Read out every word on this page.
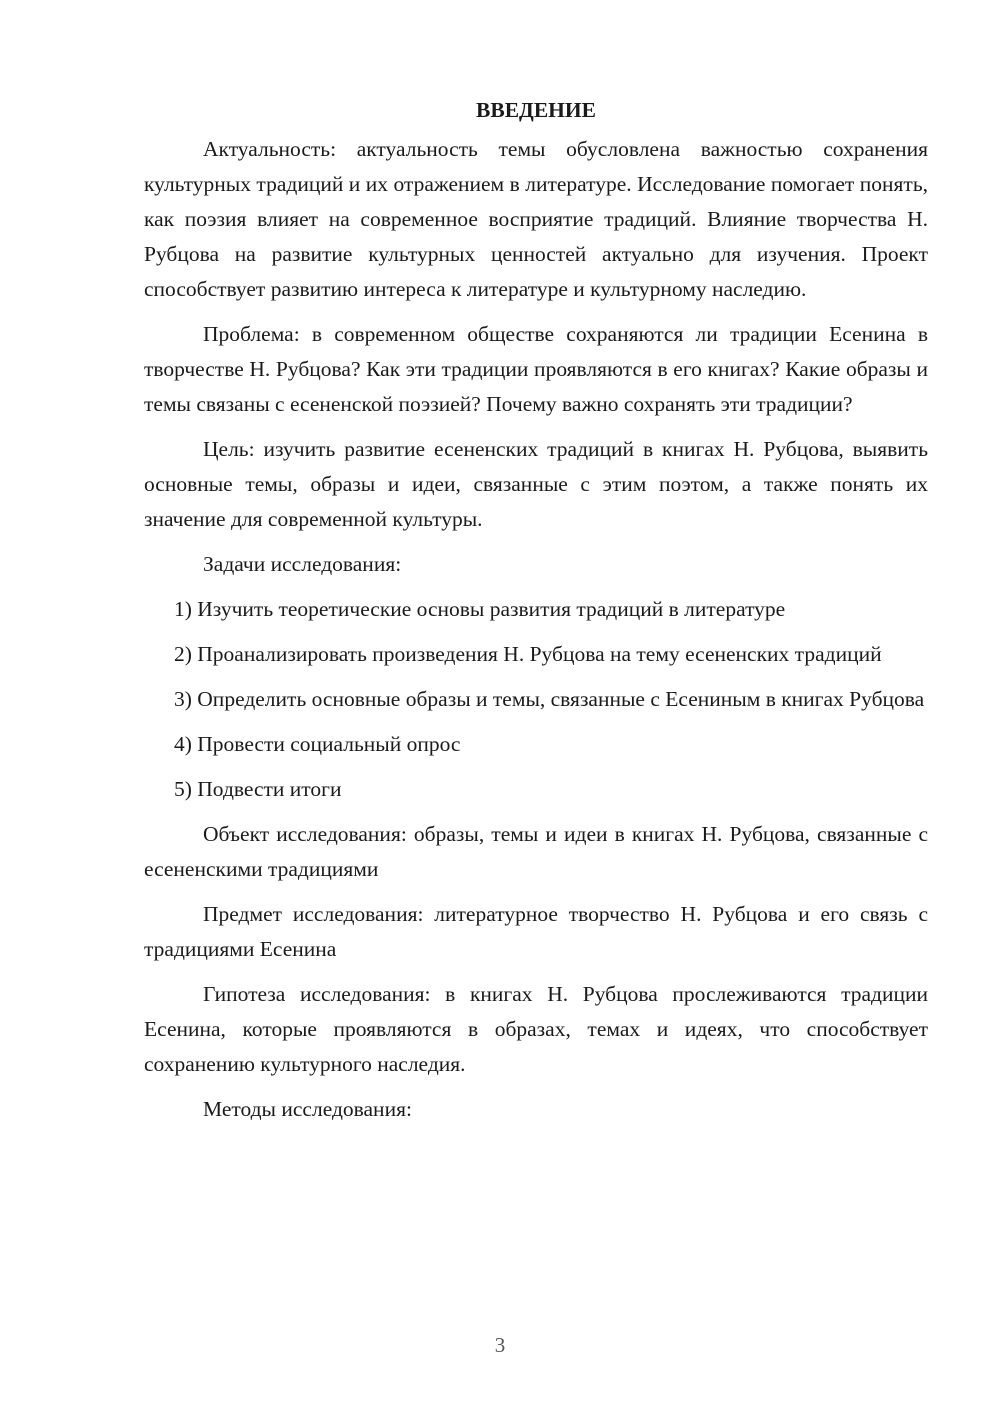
ВВЕДЕНИЕ

Актуальность: актуальность темы обусловлена важностью сохранения культурных традиций и их отражением в литературе. Исследование помогает понять, как поэзия влияет на современное восприятие традиций. Влияние творчества Н. Рубцова на развитие культурных ценностей актуально для изучения. Проект способствует развитию интереса к литературе и культурному наследию.

Проблема: в современном обществе сохраняются ли традиции Есенина в творчестве Н. Рубцова? Как эти традиции проявляются в его книгах? Какие образы и темы связаны с есененской поэзией? Почему важно сохранять эти традиции?

Цель: изучить развитие есененских традиций в книгах Н. Рубцова, выявить основные темы, образы и идеи, связанные с этим поэтом, а также понять их значение для современной культуры.

Задачи исследования:

1) Изучить теоретические основы развития традиций в литературе

2) Проанализировать произведения Н. Рубцова на тему есененских традиций

3) Определить основные образы и темы, связанные с Есениным в книгах Рубцова

4) Провести социальный опрос

5) Подвести итоги

Объект исследования: образы, темы и идеи в книгах Н. Рубцова, связанные с есененскими традициями

Предмет исследования: литературное творчество Н. Рубцова и его связь с традициями Есенина

Гипотеза исследования: в книгах Н. Рубцова прослеживаются традиции Есенина, которые проявляются в образах, темах и идеях, что способствует сохранению культурного наследия.

Методы исследования:

3
